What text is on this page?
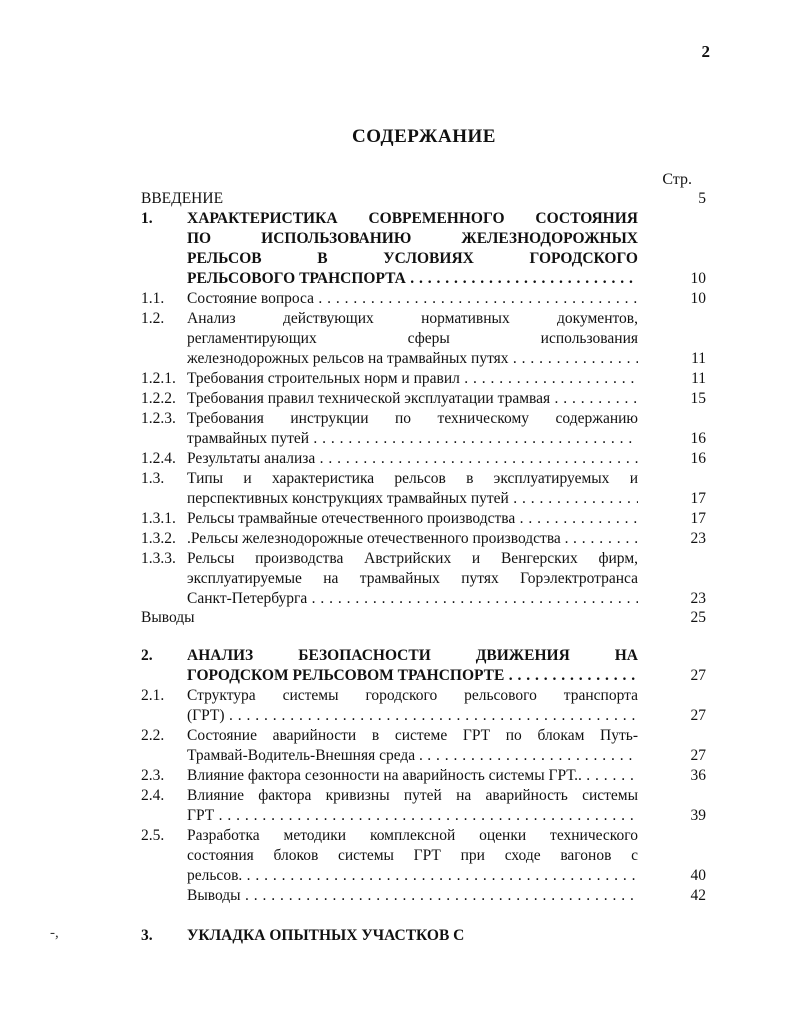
2
СОДЕРЖАНИЕ
Стр.
ВВЕДЕНИЕ	5
1.	ХАРАКТЕРИСТИКА СОВРЕМЕННОГО СОСТОЯНИЯ
ПО ИСПОЛЬЗОВАНИЮ ЖЕЛЕЗНОДОРОЖНЫХ
РЕЛЬСОВ В УСЛОВИЯХ ГОРОДСКОГО
РЕЛЬСОВОГО ТРАНСПОРТА . . .	10
1.1.	Состояние вопроса . . .	10
1.2.	Анализ действующих нормативных документов,
регламентирующих сферы использования
железнодорожных рельсов на трамвайных путях . . .	11
1.2.1. Требования строительных норм и правил . . .	11
1.2.2. Требования правил технической эксплуатации трамвая . . .	15
1.2.3. Требования инструкции по техническому содержанию
трамвайных путей . . .	16
1.2.4. Результаты анализа . . .	16
1.3.	Типы и характеристика рельсов в эксплуатируемых и
перспективных конструкциях трамвайных путей . . .	17
1.3.1. Рельсы трамвайные отечественного производства . . .	17
1.3.2. .Рельсы железнодорожные отечественного производства . . . .	23
1.3.3. Рельсы производства Австрийских и Венгерских фирм,
эксплуатируемые на трамвайных путях Горэлектротранса
Санкт-Петербурга . . .	23
Выводы	25
2.	АНАЛИЗ БЕЗОПАСНОСТИ ДВИЖЕНИЯ НА
ГОРОДСКОМ РЕЛЬСОВОМ ТРАНСПОРТЕ . . .	27
2.1.	Структура системы городского рельсового транспорта
(ГРТ) . . .	27
2.2.	Состояние аварийности в системе ГРТ по блокам Путь-
Трамвай-Водитель-Внешняя среда . . . .	27
2.3.	Влияние фактора сезонности на аварийность системы ГРТ.. . . .	36
2.4.	Влияние фактора кривизны путей на аварийность системы
ГРТ . . .	39
2.5.	Разработка методики комплексной оценки технического
состояния блоков системы ГРТ при сходе вагонов с
рельсов. . . .	40
Выводы . . .	42
3.	УКЛАДКА ОПЫТНЫХ УЧАСТКОВ С
-,
